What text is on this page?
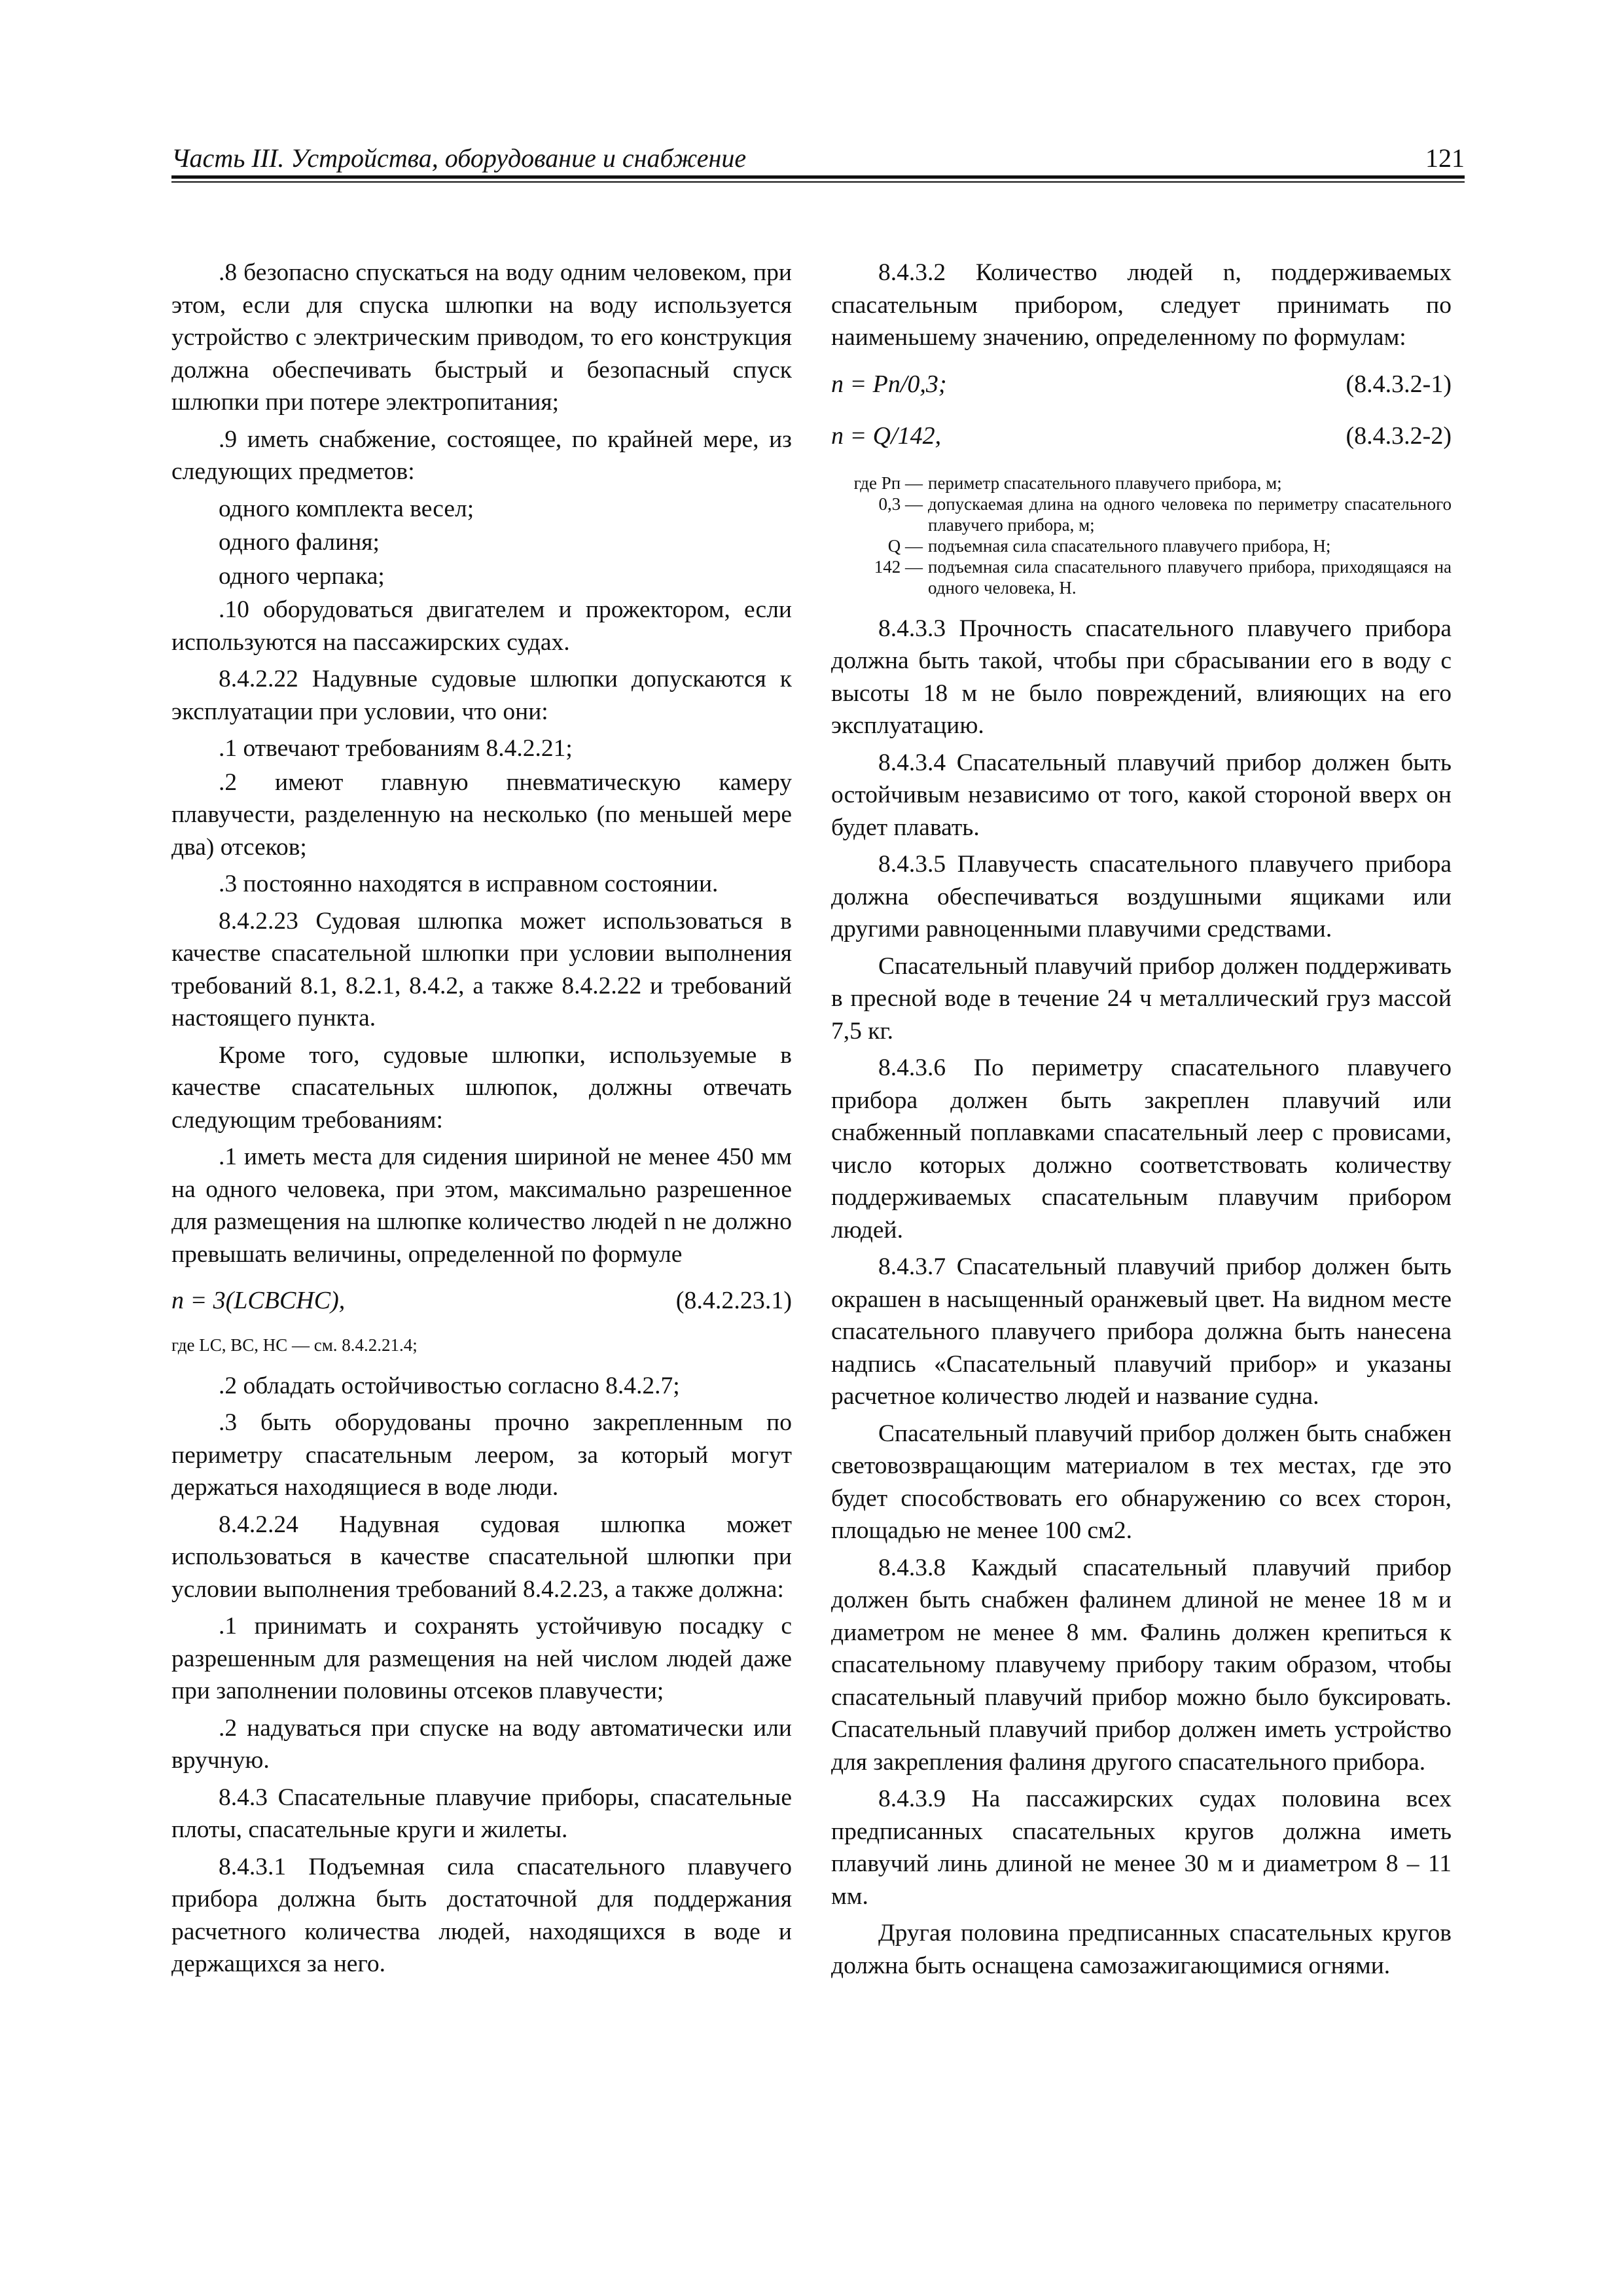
Часть III. Устройства, оборудование и снабжение	121

.8 безопасно спускаться на воду одним человеком, при этом, если для спуска шлюпки на воду используется устройство с электрическим приводом, то его конструкция должна обеспечивать быстрый и безопасный спуск шлюпки при потере электропитания;

.9 иметь снабжение, состоящее, по крайней мере, из следующих предметов:

одного комплекта весел;

одного фалиня;

одного черпака;

.10 оборудоваться двигателем и прожектором, если используются на пассажирских судах.

8.4.2.22 Надувные судовые шлюпки допускаются к эксплуатации при условии, что они:

.1 отвечают требованиям 8.4.2.21;

.2 имеют главную пневматическую камеру плавучести, разделенную на несколько (по меньшей мере два) отсеков;

.3 постоянно находятся в исправном состоянии.

8.4.2.23 Судовая шлюпка может использоваться в качестве спасательной шлюпки при условии выполнения требований 8.1, 8.2.1, 8.4.2, а также 8.4.2.22 и требований настоящего пункта.

Кроме того, судовые шлюпки, используемые в качестве спасательных шлюпок, должны отвечать следующим требованиям:

.1 иметь места для сидения шириной не менее 450 мм на одного человека, при этом, максимально разрешенное для размещения на шлюпке количество людей n не должно превышать величины, определенной по формуле

n = 3(LCBCHC),	(8.4.2.23.1)
где LC, BC, HC — см. 8.4.2.21.4;

.2 обладать остойчивостью согласно 8.4.2.7;

.3 быть оборудованы прочно закрепленным по периметру спасательным леером, за который могут держаться находящиеся в воде люди.

8.4.2.24 Надувная судовая шлюпка может использоваться в качестве спасательной шлюпки при условии выполнения требований 8.4.2.23, а также должна:

.1 принимать и сохранять устойчивую посадку с разрешенным для размещения на ней числом людей даже при заполнении половины отсеков плавучести;

.2 надуваться при спуске на воду автоматически или вручную.

8.4.3 Спасательные плавучие приборы, спасательные плоты, спасательные круги и жилеты.

8.4.3.1 Подъемная сила спасательного плавучего прибора должна быть достаточной для поддержания расчетного количества людей, находящихся в воде и держащихся за него.

8.4.3.2 Количество людей n, поддерживаемых спасательным прибором, следует принимать по наименьшему значению, определенному по формулам:

n = Pп/0,3;	(8.4.3.2-1)
n = Q/142,	(8.4.3.2-2)
где Pп — периметр спасательного плавучего прибора, м;
0,3 — допускаемая длина на одного человека по периметру спасательного плавучего прибора, м;
Q — подъемная сила спасательного плавучего прибора, Н;
142 — подъемная сила спасательного плавучего прибора, приходящаяся на одного человека, Н.

8.4.3.3 Прочность спасательного плавучего прибора должна быть такой, чтобы при сбрасывании его в воду с высоты 18 м не было повреждений, влияющих на его эксплуатацию.

8.4.3.4 Спасательный плавучий прибор должен быть остойчивым независимо от того, какой стороной вверх он будет плавать.

8.4.3.5 Плавучесть спасательного плавучего прибора должна обеспечиваться воздушными ящиками или другими равноценными плавучими средствами.

Спасательный плавучий прибор должен поддерживать в пресной воде в течение 24 ч металлический груз массой 7,5 кг.

8.4.3.6 По периметру спасательного плавучего прибора должен быть закреплен плавучий или снабженный поплавками спасательный леер с провисами, число которых должно соответствовать количеству поддерживаемых спасательным плавучим прибором людей.

8.4.3.7 Спасательный плавучий прибор должен быть окрашен в насыщенный оранжевый цвет. На видном месте спасательного плавучего прибора должна быть нанесена надпись «Спасательный плавучий прибор» и указаны расчетное количество людей и название судна.

Спасательный плавучий прибор должен быть снабжен световозвращающим материалом в тех местах, где это будет способствовать его обнаружению со всех сторон, площадью не менее 100 см2.

8.4.3.8 Каждый спасательный плавучий прибор должен быть снабжен фалинем длиной не менее 18 м и диаметром не менее 8 мм. Фалинь должен крепиться к спасательному плавучему прибору таким образом, чтобы спасательный плавучий прибор можно было буксировать. Спасательный плавучий прибор должен иметь устройство для закрепления фалиня другого спасательного прибора.

8.4.3.9 На пассажирских судах половина всех предписанных спасательных кругов должна иметь плавучий линь длиной не менее 30 м и диаметром 8 – 11 мм.

Другая половина предписанных спасательных кругов должна быть оснащена самозажигающимися огнями.
